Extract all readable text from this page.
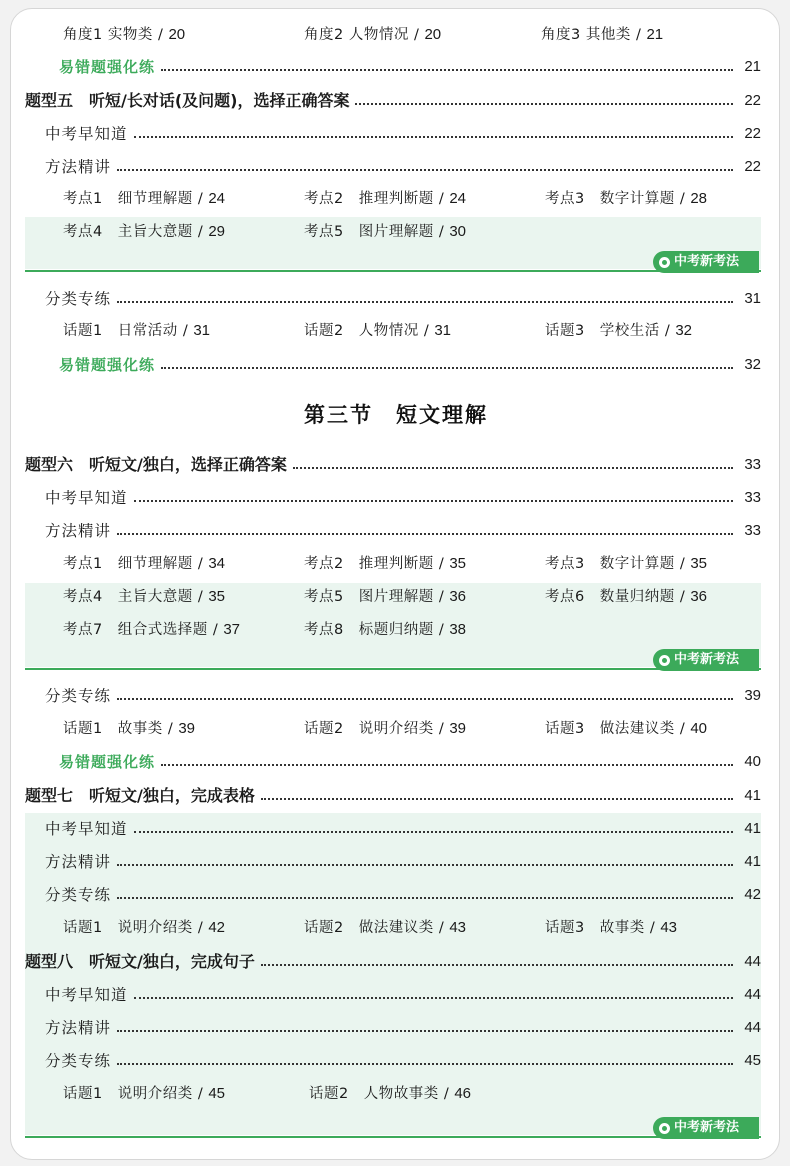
角度1 实物类 / 20	角度2 人物情况 / 20	角度3 其他类 / 21
易错题强化练	21
题型五　听短/长对话(及问题)，选择正确答案	22
中考早知道	22
方法精讲	22
考点1　细节理解题 / 24	考点2　推理判断题 / 24	考点3　数字计算题 / 28
考点4　主旨大意题 / 29	考点5　图片理解题 / 30
中考新考法
分类专练	31
话题1　日常活动 / 31	话题2　人物情况 / 31	话题3　学校生活 / 32
易错题强化练	32
第三节　短文理解
题型六　听短文/独白，选择正确答案	33
中考早知道	33
方法精讲	33
考点1　细节理解题 / 34	考点2　推理判断题 / 35	考点3　数字计算题 / 35
考点4　主旨大意题 / 35	考点5　图片理解题 / 36	考点6　数量归纳题 / 36
考点7　组合式选择题 / 37	考点8　标题归纳题 / 38
中考新考法
分类专练	39
话题1　故事类 / 39	话题2　说明介绍类 / 39	话题3　做法建议类 / 40
易错题强化练	40
题型七　听短文/独白，完成表格	41
中考早知道	41
方法精讲	41
分类专练	42
话题1　说明介绍类 / 42	话题2　做法建议类 / 43	话题3　故事类 / 43
题型八　听短文/独白，完成句子	44
中考早知道	44
方法精讲	44
分类专练	45
话题1　说明介绍类 / 45	话题2　人物故事类 / 46
中考新考法
